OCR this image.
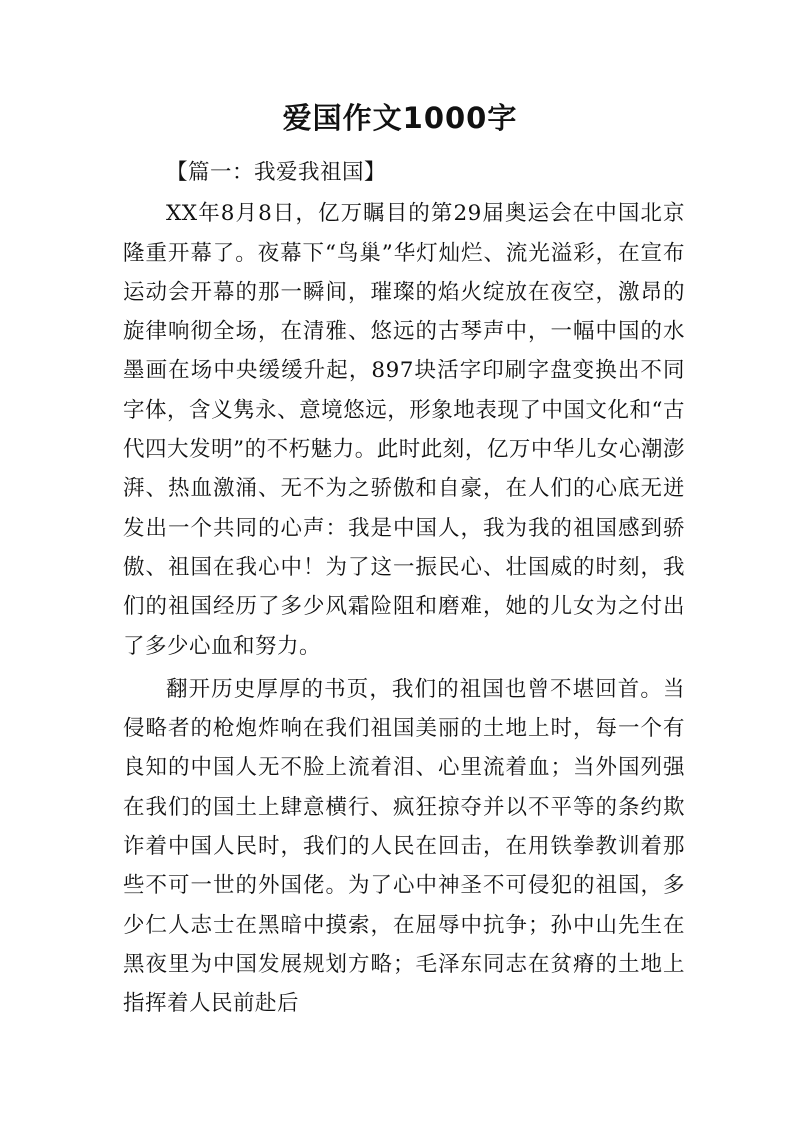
爱国作文1000字

【篇一：我爱我祖国】

XX年8月8日，亿万瞩目的第29届奥运会在中国北京隆重开幕了。夜幕下“鸟巢”华灯灿烂、流光溢彩，在宣布运动会开幕的那一瞬间，璀璨的焰火绽放在夜空，激昂的旋律响彻全场，在清雅、悠远的古琴声中，一幅中国的水墨画在场中央缓缓升起，897块活字印刷字盘变换出不同字体，含义隽永、意境悠远，形象地表现了中国文化和“古代四大发明”的不朽魅力。此时此刻，亿万中华儿女心潮澎湃、热血激涌、无不为之骄傲和自豪，在人们的心底无迸发出一个共同的心声：我是中国人，我为我的祖国感到骄傲、祖国在我心中！为了这一振民心、壮国威的时刻，我们的祖国经历了多少风霜险阻和磨难，她的儿女为之付出了多少心血和努力。

翻开历史厚厚的书页，我们的祖国也曾不堪回首。当侵略者的枪炮炸响在我们祖国美丽的土地上时，每一个有良知的中国人无不脸上流着泪、心里流着血；当外国列强在我们的国土上肆意横行、疯狂掠夺并以不平等的条约欺诈着中国人民时，我们的人民在回击，在用铁拳教训着那些不可一世的外国佬。为了心中神圣不可侵犯的祖国，多少仁人志士在黑暗中摸索，在屈辱中抗争；孙中山先生在黑夜里为中国发展规划方略；毛泽东同志在贫瘠的土地上指挥着人民前赴后
